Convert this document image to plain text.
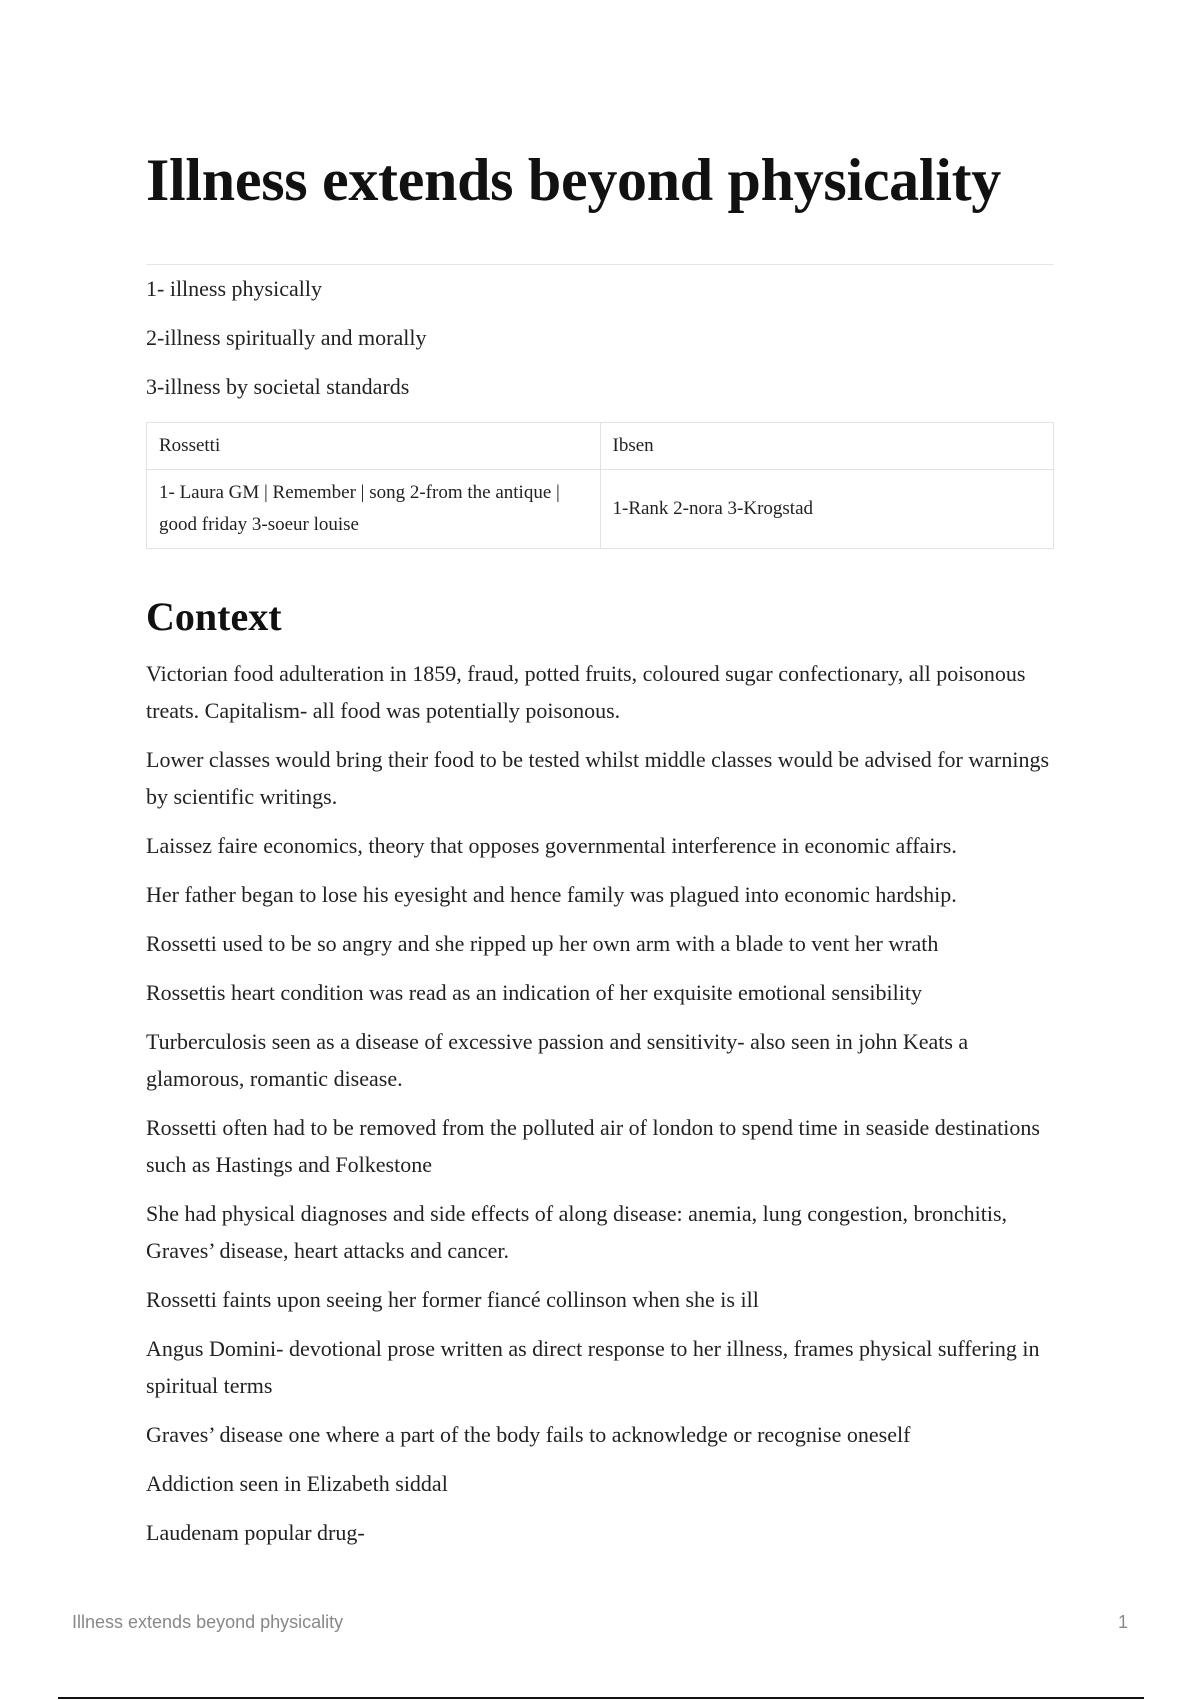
Illness extends beyond physicality

1- illness physically

2-illness spiritually and morally

3-illness by societal standards

Rossetti	Ibsen
1- Laura GM | Remember | song 2-from the antique | good friday 3-soeur louise	1-Rank 2-nora 3-Krogstad
Context

Victorian food adulteration in 1859, fraud, potted fruits, coloured sugar confectionary, all poisonous treats. Capitalism- all food was potentially poisonous.

Lower classes would bring their food to be tested whilst middle classes would be advised for warnings by scientific writings.

Laissez faire economics, theory that opposes governmental interference in economic affairs.

Her father began to lose his eyesight and hence family was plagued into economic hardship.

Rossetti used to be so angry and she ripped up her own arm with a blade to vent her wrath

Rossettis heart condition was read as an indication of her exquisite emotional sensibility

Turberculosis seen as a disease of excessive passion and sensitivity- also seen in john Keats a glamorous, romantic disease.

Rossetti often had to be removed from the polluted air of london to spend time in seaside destinations such as Hastings and Folkestone

She had physical diagnoses and side effects of along disease: anemia, lung congestion, bronchitis, Graves’ disease, heart attacks and cancer.

Rossetti faints upon seeing her former fiancé collinson when she is ill

Angus Domini- devotional prose written as direct response to her illness, frames physical suffering in spiritual terms

Graves’ disease one where a part of the body fails to acknowledge or recognise oneself

Addiction seen in Elizabeth siddal

Laudenam popular drug-

Illness extends beyond physicality	1
